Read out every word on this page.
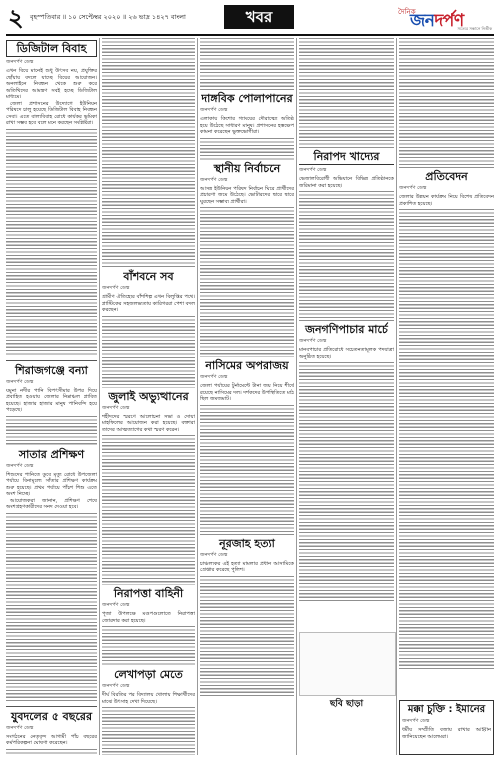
২ বৃহস্পতিবার ॥ ১০ সেপ্টেম্বর ২০২০ ॥ ২৬ ভাদ্র ১৪২৭ বাংলা	খবর	দৈনিক
জনদর্পণ
সত্যের সন্ধানে নির্ভীক
ডিজিটাল বিবাহ
জনদর্পণ ডেস্ক

এখন বিয়ে মানেই শুধু উৎসব নয়, প্রযুক্তির ছোঁয়ায় বদলে যাচ্ছে বিয়ের আয়োজন। অনলাইনে নিবন্ধন থেকে শুরু করে অতিথিদের আমন্ত্রণ সবই হচ্ছে ডিজিটাল মাধ্যমে।

জেলা প্রশাসনের উদ্যোগে ইউনিয়ন পরিষদে চালু হয়েছে ডিজিটাল বিবাহ নিবন্ধন সেবা। এতে বাল্যবিবাহ রোধে কার্যকর ভূমিকা রাখা সম্ভব হবে বলে মনে করছেন সংশ্লিষ্টরা।

শিরাজগঞ্জে বন্যা
জনদর্পণ ডেস্ক

যমুনা নদীর পানি বিপৎসীমার উপর দিয়ে প্রবাহিত হওয়ায় জেলার নিম্নাঞ্চল প্লাবিত হয়েছে। হাজার হাজার মানুষ পানিবন্দি হয়ে পড়েছে।

সাতার প্রশিক্ষণ
জনদর্পণ ডেস্ক

শিশুদের পানিতে ডুবে মৃত্যু রোধে উপজেলা পর্যায়ে বিনামূল্যে সাঁতার প্রশিক্ষণ কার্যক্রম শুরু হয়েছে। প্রথম পর্যায়ে পাঁচশ শিশু এতে অংশ নিচ্ছে।

আয়োজকরা জানান, প্রশিক্ষণ শেষে অংশগ্রহণকারীদের সনদ দেওয়া হবে।

যুবদলের ৫ বছরের
জনদর্পণ ডেস্ক

সংগঠনের নেতৃবৃন্দ আগামী পাঁচ বছরের কর্মপরিকল্পনা ঘোষণা করেছেন।

বাঁশবনে সব
জনদর্পণ ডেস্ক

গ্রামীণ ঐতিহ্যের বাঁশশিল্প এখন বিলুপ্তির পথে। প্লাস্টিকের সহজলভ্যতায় কারিগররা পেশা বদল করছেন।

জুলাই অভ্যুত্থানের
জনদর্পণ ডেস্ক

শহীদদের স্মরণে আলোচনা সভা ও দোয়া মাহফিলের আয়োজন করা হয়েছে। বক্তারা তাদের আত্মত্যাগের কথা স্মরণ করেন।

নিরাপত্তা বাহিনী
জনদর্পণ ডেস্ক

পূজা উপলক্ষে মণ্ডপগুলোতে নিরাপত্তা জোরদার করা হয়েছে।

লেখাপড়া মেতে
জনদর্পণ ডেস্ক

দীর্ঘ বিরতির পর বিদ্যালয় খোলায় শিক্ষার্থীদের মাঝে উৎসাহ দেখা দিয়েছে।

দাঙ্গবিক পোলাপানের
জনদর্পণ ডেস্ক

এলাকায় কিশোর গ্যাংয়ের দৌরাত্ম্যে অতিষ্ঠ হয়ে উঠেছে সাধারণ মানুষ। প্রশাসনের হস্তক্ষেপ কামনা করেছেন ভুক্তভোগীরা।

স্থানীয় নির্বাচনে
জনদর্পণ ডেস্ক

আসন্ন ইউনিয়ন পরিষদ নির্বাচন ঘিরে প্রার্থীদের প্রচারণা জমে উঠেছে। ভোটারদের দ্বারে দ্বারে ঘুরছেন সম্ভাব্য প্রার্থীরা।

নাসিমের অপরাজয়
জনদর্পণ ডেস্ক

জেলা পর্যায়ের টুর্নামেন্টে টানা জয় নিয়ে শীর্ষে রয়েছে নাসিমের দল। দর্শকদের উপস্থিতিতে মাঠ ছিল জমজমাট।

নূরজাহ হত্যা
জনদর্পণ ডেস্ক

চাঞ্চল্যকর এই হত্যা মামলার প্রধান আসামিকে গ্রেপ্তার করেছে পুলিশ।

নিরাপদ খাদ্যের
জনদর্পণ ডেস্ক

ভেজালবিরোধী অভিযানে বিভিন্ন প্রতিষ্ঠানকে জরিমানা করা হয়েছে।

জনগণিপাচার মার্চে
জনদর্পণ ডেস্ক

মানবপাচার প্রতিরোধে সচেতনতামূলক পদযাত্রা অনুষ্ঠিত হয়েছে।

ছবি ছাড়া
প্রতিবেদন
জনদর্পণ ডেস্ক

জেলার উন্নয়ন কার্যক্রম নিয়ে বিশেষ প্রতিবেদন প্রকাশিত হয়েছে।

মক্কা চুক্তি : ইমানের
জনদর্পণ ডেস্ক

ধর্মীয় সম্প্রীতি বজায় রাখার আহ্বান জানিয়েছেন আলেমরা।
